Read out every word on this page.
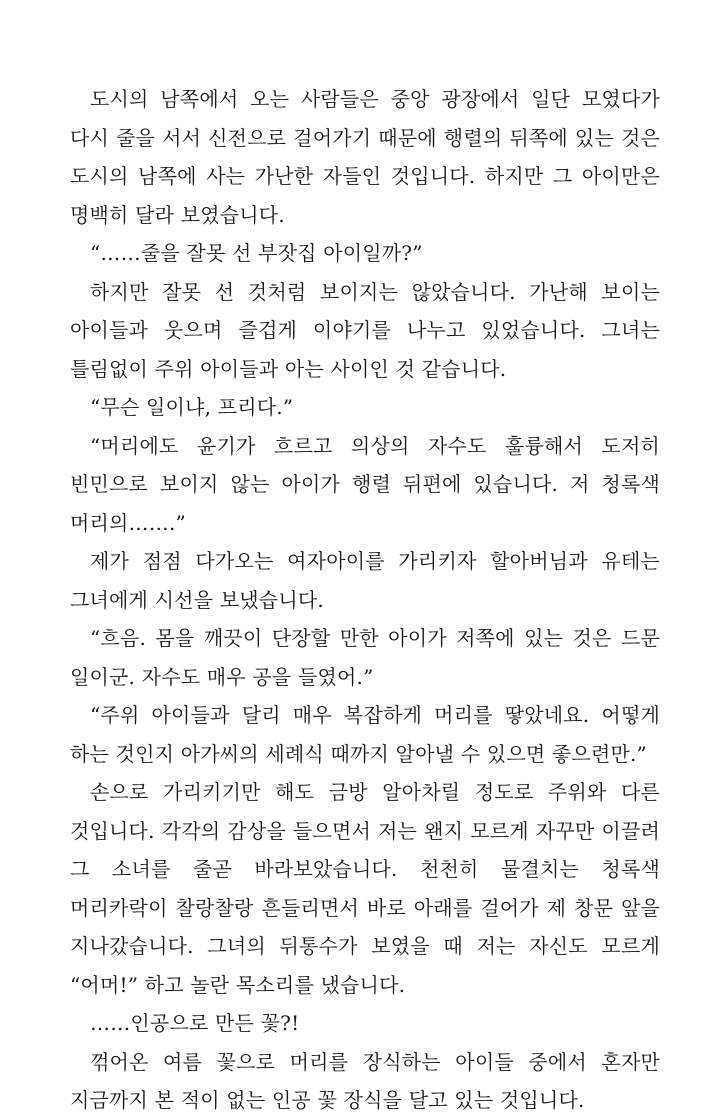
도시의 남쪽에서 오는 사람들은 중앙 광장에서 일단 모였다가 다시 줄을 서서 신전으로 걸어가기 때문에 행렬의 뒤쪽에 있는 것은 도시의 남쪽에 사는 가난한 자들인 것입니다. 하지만 그 아이만은 명백히 달라 보였습니다.

“……줄을 잘못 선 부잣집 아이일까?”

하지만 잘못 선 것처럼 보이지는 않았습니다. 가난해 보이는 아이들과 웃으며 즐겁게 이야기를 나누고 있었습니다. 그녀는 틀림없이 주위 아이들과 아는 사이인 것 같습니다.

“무슨 일이냐, 프리다.”

“머리에도 윤기가 흐르고 의상의 자수도 훌륭해서 도저히 빈민으로 보이지 않는 아이가 행렬 뒤편에 있습니다. 저 청록색 머리의…….”

제가 점점 다가오는 여자아이를 가리키자 할아버님과 유테는 그녀에게 시선을 보냈습니다.

“흐음. 몸을 깨끗이 단장할 만한 아이가 저쪽에 있는 것은 드문 일이군. 자수도 매우 공을 들였어.”

“주위 아이들과 달리 매우 복잡하게 머리를 땋았네요. 어떻게 하는 것인지 아가씨의 세례식 때까지 알아낼 수 있으면 좋으련만.”

손으로 가리키기만 해도 금방 알아차릴 정도로 주위와 다른 것입니다. 각각의 감상을 들으면서 저는 왠지 모르게 자꾸만 이끌려 그 소녀를 줄곧 바라보았습니다. 천천히 물결치는 청록색 머리카락이 찰랑찰랑 흔들리면서 바로 아래를 걸어가 제 창문 앞을 지나갔습니다. 그녀의 뒤통수가 보였을 때 저는 자신도 모르게 “어머!” 하고 놀란 목소리를 냈습니다.

……인공으로 만든 꽃?!

꺾어온 여름 꽃으로 머리를 장식하는 아이들 중에서 혼자만 지금까지 본 적이 없는 인공 꽃 장식을 달고 있는 것입니다.
